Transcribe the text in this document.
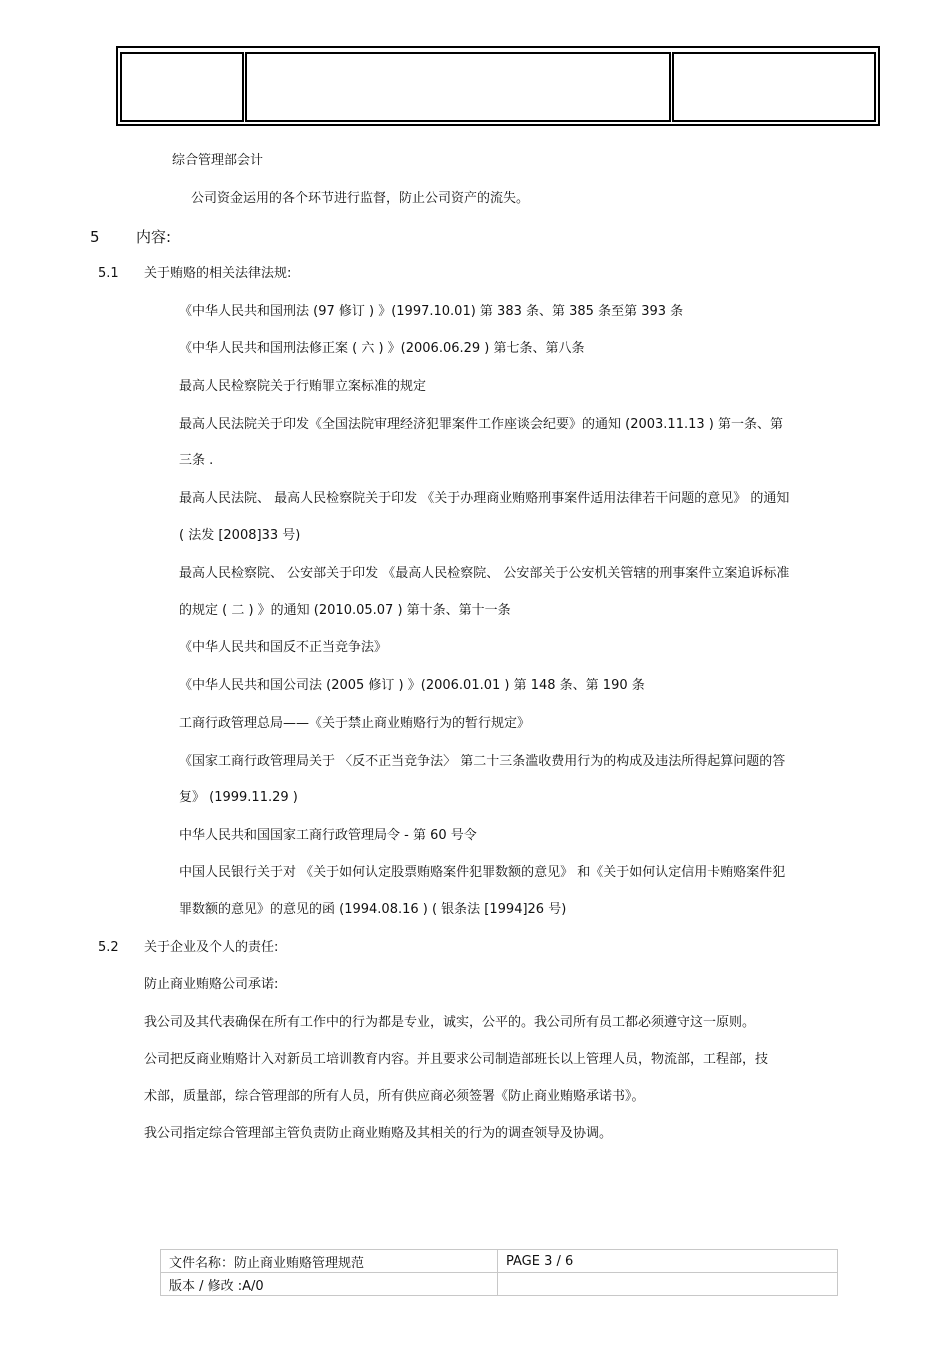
综合管理部会计
公司资金运用的各个环节进行监督，防止公司资产的流失。
5 内容:
5.1 关于贿赂的相关法律法规:
《中华人民共和国刑法 (97 修订 ) 》(1997.10.01) 第 383 条、第 385 条至第 393 条
《中华人民共和国刑法修正案 ( 六 ) 》(2006.06.29 ) 第七条、第八条
最高人民检察院关于行贿罪立案标准的规定
最高人民法院关于印发《全国法院审理经济犯罪案件工作座谈会纪要》的通知 (2003.11.13 ) 第一条、第
三条 .
最高人民法院、 最高人民检察院关于印发 《关于办理商业贿赂刑事案件适用法律若干问题的意见》 的通知
( 法发 [2008]33 号)
最高人民检察院、 公安部关于印发 《最高人民检察院、 公安部关于公安机关管辖的刑事案件立案追诉标准
的规定 ( 二 ) 》的通知 (2010.05.07 ) 第十条、第十一条
《中华人民共和国反不正当竞争法》
《中华人民共和国公司法 (2005 修订 ) 》(2006.01.01 ) 第 148 条、第 190 条
工商行政管理总局——《关于禁止商业贿赂行为的暂行规定》
《国家工商行政管理局关于 〈反不正当竞争法〉 第二十三条滥收费用行为的构成及违法所得起算问题的答
复》 (1999.11.29 )
中华人民共和国国家工商行政管理局令 - 第 60 号令
中国人民银行关于对 《关于如何认定股票贿赂案件犯罪数额的意见》 和《关于如何认定信用卡贿赂案件犯
罪数额的意见》的意见的函 (1994.08.16 ) ( 银条法 [1994]26 号)
5.2 关于企业及个人的责任:
防止商业贿赂公司承诺:
我公司及其代表确保在所有工作中的行为都是专业，诚实，公平的。我公司所有员工都必须遵守这一原则。
公司把反商业贿赂计入对新员工培训教育内容。并且要求公司制造部班长以上管理人员，物流部，工程部，技
术部，质量部，综合管理部的所有人员，所有供应商必须签署《防止商业贿赂承诺书》。
我公司指定综合管理部主管负责防止商业贿赂及其相关的行为的调查领导及协调。
文件名称：防止商业贿赂管理规范	PAGE 3 / 6
版本 / 修改 :A/0	
